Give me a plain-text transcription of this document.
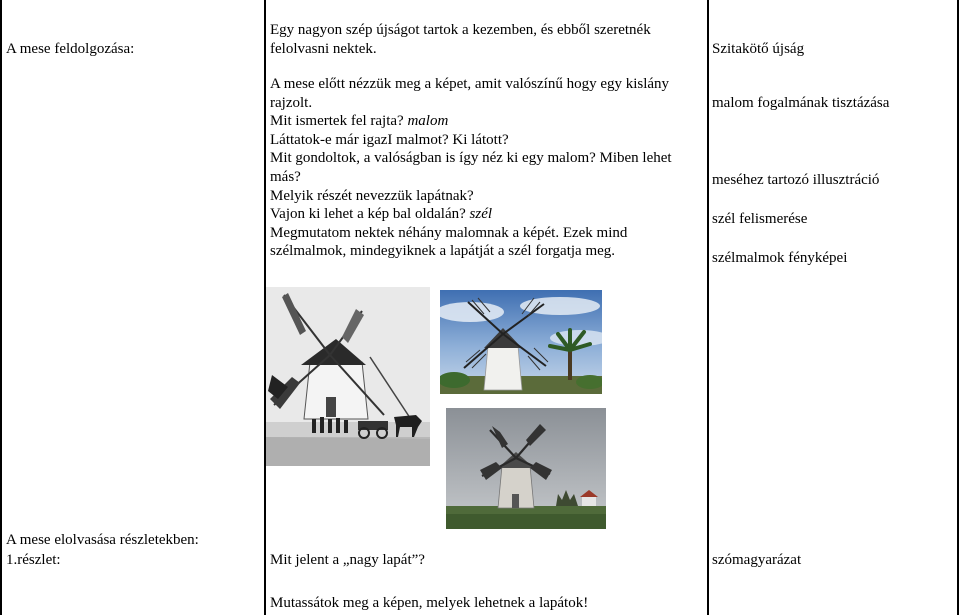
A mese feldolgozása:
A mese elolvasása részletekben:
1.részlet:
Egy nagyon szép újságot tartok a kezemben, és ebből szeretnék
felolvasni nektek.
A mese előtt nézzük meg a képet, amit valószínű hogy egy kislány
rajzolt.
Mit ismertek fel rajta? malom
Láttatok-e már igazI malmot? Ki látott?
Mit gondoltok, a valóságban is így néz ki egy malom? Miben lehet
más?
Melyik részét nevezzük lapátnak?
Vajon ki lehet a kép bal oldalán? szél
Megmutatom nektek néhány malomnak a képét. Ezek mind
szélmalmok, mindegyiknek a lapátját a szél forgatja meg.
Mit jelent a „nagy lapát”?
Mutassátok meg a képen, melyek lehetnek a lapátok!
Szitakötő újság
malom fogalmának tisztázása
meséhez tartozó illusztráció
szél felismerése
szélmalmok fényképei
szómagyarázat
